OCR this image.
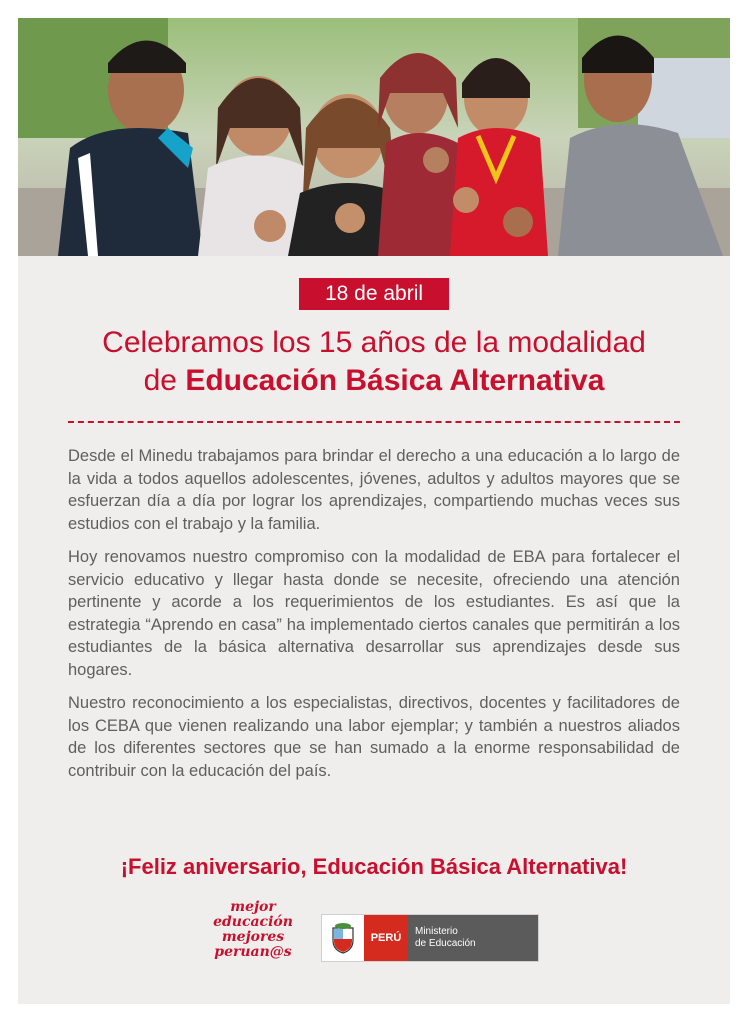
18 de abril
Celebramos los 15 años de la modalidad
de Educación Básica Alternativa

Desde el Minedu trabajamos para brindar el derecho a una educación a lo largo de la vida a todos aquellos adolescentes, jóvenes, adultos y adultos mayores que se esfuerzan día a día por lograr los aprendizajes, compartiendo muchas veces sus estudios con el trabajo y la familia.

Hoy renovamos nuestro compromiso con la modalidad de EBA para fortalecer el servicio educativo y llegar hasta donde se necesite, ofreciendo una atención pertinente y acorde a los requerimientos de los estudiantes. Es así que la estrategia “Aprendo en casa” ha implementado ciertos canales que permitirán a los estudiantes de la básica alternativa desarrollar sus aprendizajes desde sus hogares.

Nuestro reconocimiento a los especialistas, directivos, docentes y facilitadores de los CEBA que vienen realizando una labor ejemplar; y también a nuestros aliados de los diferentes sectores que se han sumado a la enorme responsabilidad de contribuir con la educación del país.

¡Feliz aniversario, Educación Básica Alternativa!
mejor
educación
mejores
peruan@s
PERÚ
Ministerio
de Educación
